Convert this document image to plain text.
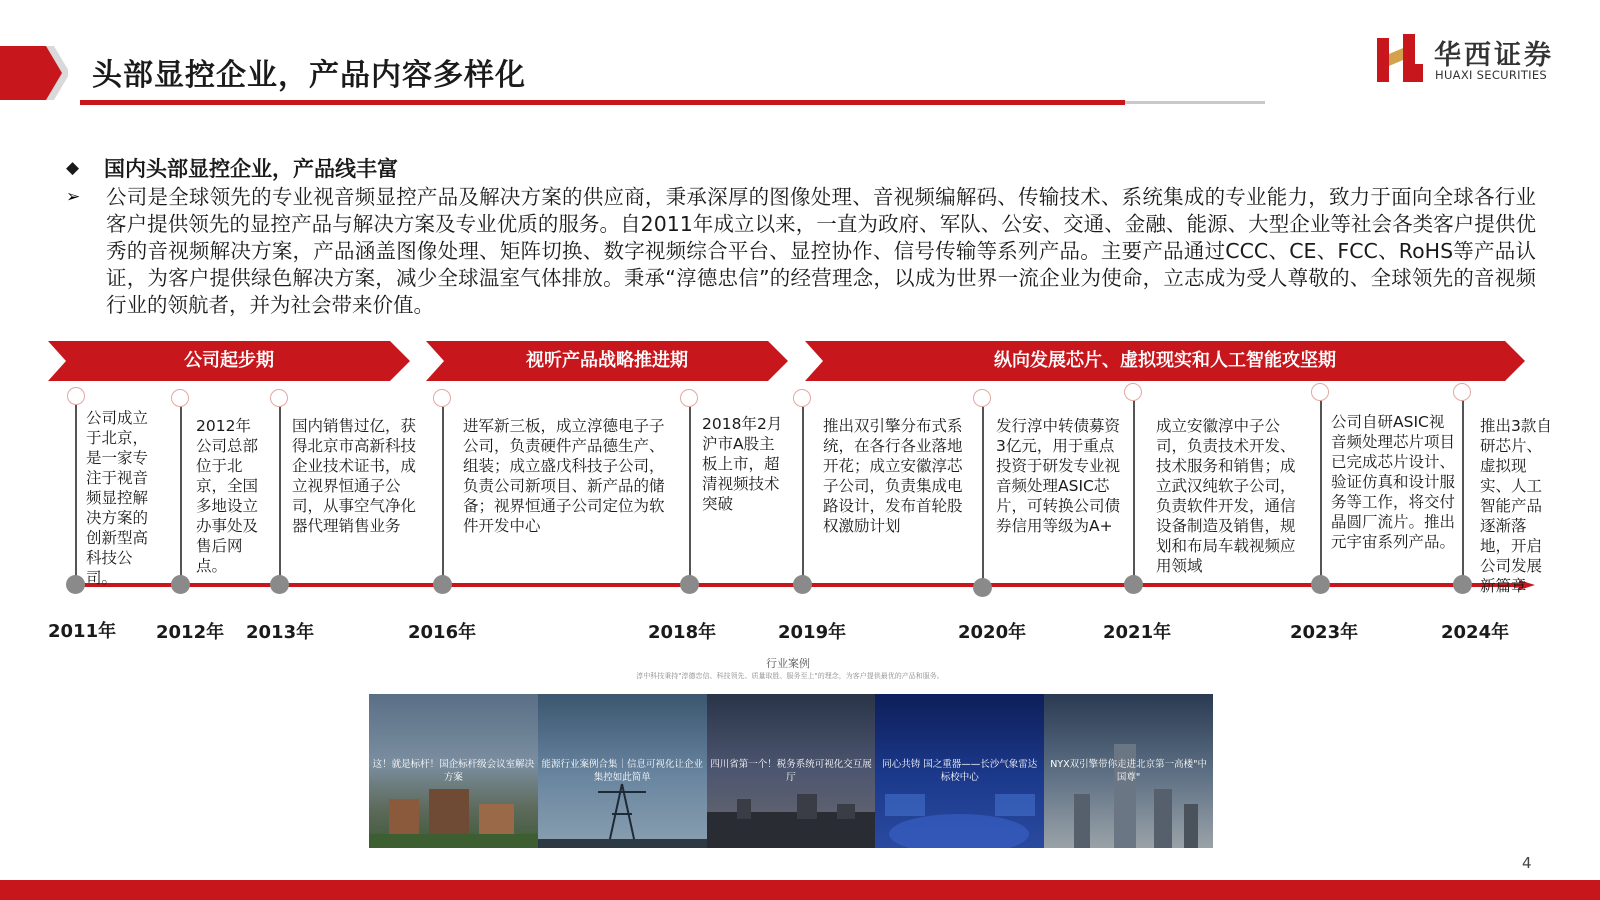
头部显控企业，产品内容多样化
华西证券
HUAXI SECURITIES
◆	国内头部显控企业，产品线丰富
➢	公司是全球领先的专业视音频显控产品及解决方案的供应商，秉承深厚的图像处理、音视频编解码、传输技术、系统集成的专业能力，致力于面向全球各行业客户提供领先的显控产品与解决方案及专业优质的服务。自2011年成立以来，一直为政府、军队、公安、交通、金融、能源、大型企业等社会各类客户提供优秀的音视频解决方案，产品涵盖图像处理、矩阵切换、数字视频综合平台、显控协作、信号传输等系列产品。主要产品通过CCC、CE、FCC、RoHS等产品认证，为客户提供绿色解决方案，减少全球温室气体排放。秉承“淳德忠信”的经营理念，以成为世界一流企业为使命，立志成为受人尊敬的、全球领先的音视频行业的领航者，并为社会带来价值。
公司起步期	视听产品战略推进期	纵向发展芯片、虚拟现实和人工智能攻坚期
公司成立于北京，是一家专注于视音频显控解决方案的创新型高科技公司。
2011年
2012年公司总部位于北京，全国多地设立办事处及售后网点。
2012年
国内销售过亿，获得北京市高新科技企业技术证书，成立视界恒通子公司，从事空气净化器代理销售业务
2013年
进军新三板，成立淳德电子子公司，负责硬件产品德生产、组装；成立盛戊科技子公司，负责公司新项目、新产品的储备；视界恒通子公司定位为软件开发中心
2016年
2018年2月沪市A股主板上市，超清视频技术突破
2018年
推出双引擎分布式系统，在各行各业落地开花；成立安徽淳芯子公司，负责集成电路设计，发布首轮股权激励计划
2019年
发行淳中转债募资3亿元，用于重点投资于研发专业视音频处理ASIC芯片，可转换公司债券信用等级为A+
2020年
成立安徽淳中子公司，负责技术开发、技术服务和销售；成立武汉纯软子公司，负责软件开发，通信设备制造及销售，规划和布局车载视频应用领域
2021年
公司自研ASIC视音频处理芯片项目已完成芯片设计、验证仿真和设计服务等工作，将交付晶圆厂流片。推出元宇宙系列产品。
2023年
推出3款自研芯片、虚拟现实、人工智能产品逐渐落地，开启公司发展新篇章
2024年
行业案例
淳中科技秉持"淳德忠信、科技领先、质量取胜、服务至上"的理念，为客户提供最优的产品和服务。
这！就是标杆！国企标杆级会议室解决方案
能源行业案例合集｜信息可视化让企业集控如此简单
四川省第一个！税务系统可视化交互展厅
同心共铸 国之重器——长沙气象雷达标校中心
NYX双引擎带你走进北京第一高楼"中国尊"
4
